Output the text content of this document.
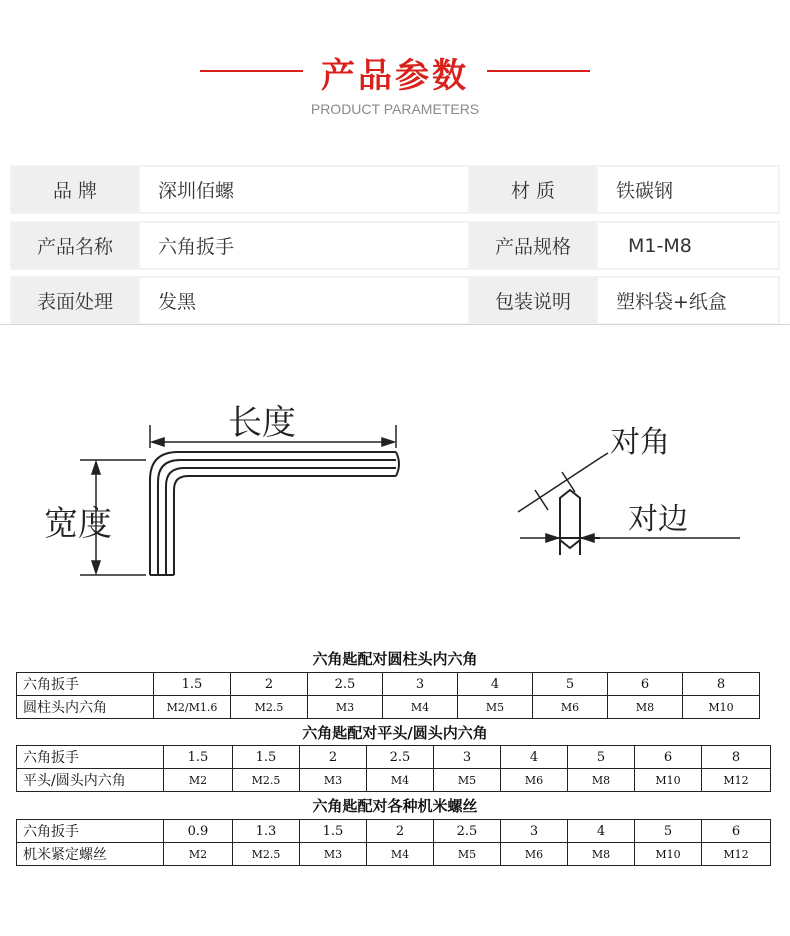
产品参数
PRODUCT PARAMETERS
品 牌	深圳佰螺	材 质	铁碳钢
产品名称	六角扳手	产品规格	M1-M8
表面处理	发黑	包装说明	塑料袋+纸盒
长度
宽度
对角
对边
六角匙配对圆柱头内六角
六角扳手	1.5	2	2.5	3	4	5	6	8
圆柱头内六角	M2/M1.6	M2.5	M3	M4	M5	M6	M8	M10
六角匙配对平头/圆头内六角
六角扳手	1.5	1.5	2	2.5	3	4	5	6	8
平头/圆头内六角	M2	M2.5	M3	M4	M5	M6	M8	M10	M12
六角匙配对各种机米螺丝
六角扳手	0.9	1.3	1.5	2	2.5	3	4	5	6
机米紧定螺丝	M2	M2.5	M3	M4	M5	M6	M8	M10	M12
